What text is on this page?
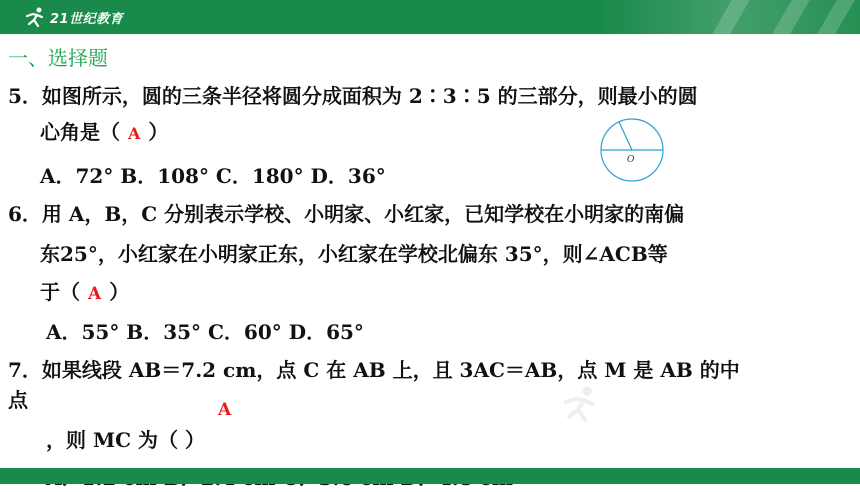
21世纪教育
一、选择题
5．如图所示，圆的三条半径将圆分成面积为 2∶3∶5 的三部分，则最小的圆
心角是（ A ）
O
A．72° B．108° C．180° D．36°
6．用 A，B，C 分别表示学校、小明家、小红家，已知学校在小明家的南偏
东25°，小红家在小明家正东，小红家在学校北偏东 35°，则∠ACB等
于（ A ）
A．55° B．35° C．60° D．65°
7．如果线段 AB＝7.2 cm，点 C 在 AB 上，且 3AC＝AB，点 M 是 AB 的中
点	A
，则 MC 为（ ）
